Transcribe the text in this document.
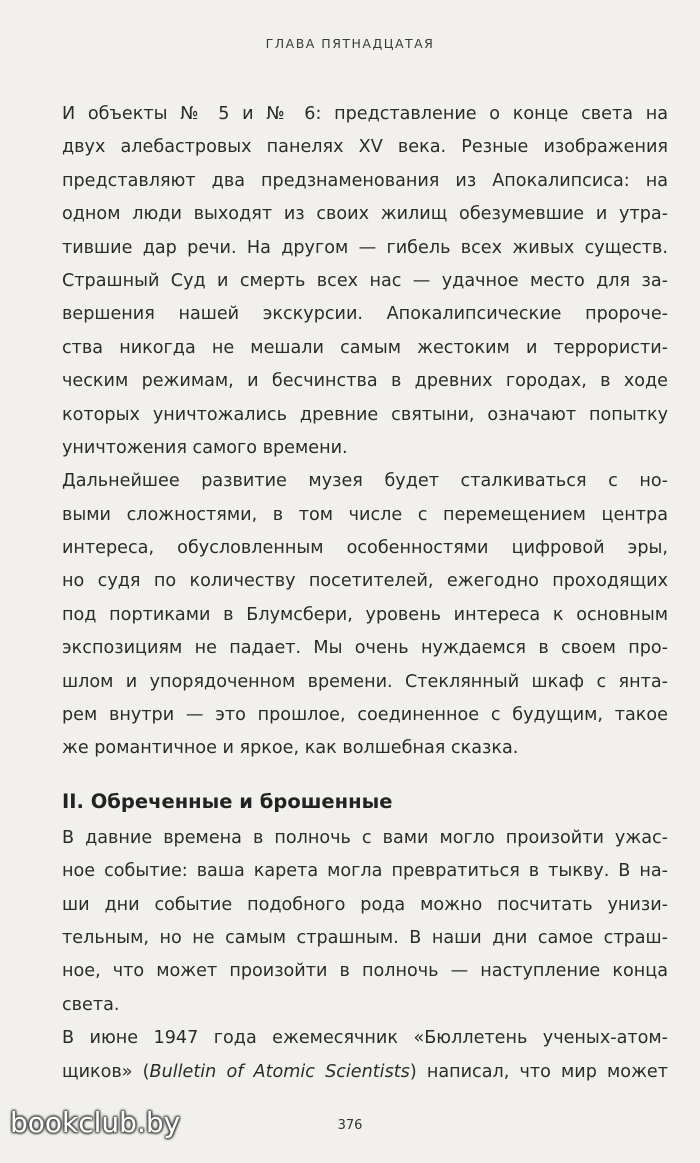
ГЛАВА ПЯТНАДЦАТАЯ
И объекты № 5 и № 6: представление о конце света на
двух алебастровых панелях XV века. Резные изображения
представляют два предзнаменования из Апокалипсиса: на
одном люди выходят из своих жилищ обезумевшие и утра-
тившие дар речи. На другом — гибель всех живых существ.
Страшный Суд и смерть всех нас — удачное место для за-
вершения нашей экскурсии. Апокалипсические пророче-
ства никогда не мешали самым жестоким и террористи-
ческим режимам, и бесчинства в древних городах, в ходе
которых уничтожались древние святыни, означают попытку
уничтожения самого времени.
Дальнейшее развитие музея будет сталкиваться с но-
выми сложностями, в том числе с перемещением центра
интереса, обусловленным особенностями цифровой эры,
но судя по количеству посетителей, ежегодно проходящих
под портиками в Блумсбери, уровень интереса к основным
экспозициям не падает. Мы очень нуждаемся в своем про-
шлом и упорядоченном времени. Стеклянный шкаф с янта-
рем внутри — это прошлое, соединенное с будущим, такое
же романтичное и яркое, как волшебная сказка.
II. Обреченные и брошенные
В давние времена в полночь с вами могло произойти ужас-
ное событие: ваша карета могла превратиться в тыкву. В на-
ши дни событие подобного рода можно посчитать унизи-
тельным, но не самым страшным. В наши дни самое страш-
ное, что может произойти в полночь — наступление конца
света.
В июне 1947 года ежемесячник «Бюллетень ученых-атом-
щиков» (Bulletin of Atomic Scientists) написал, что мир может
376
bookclub.by
